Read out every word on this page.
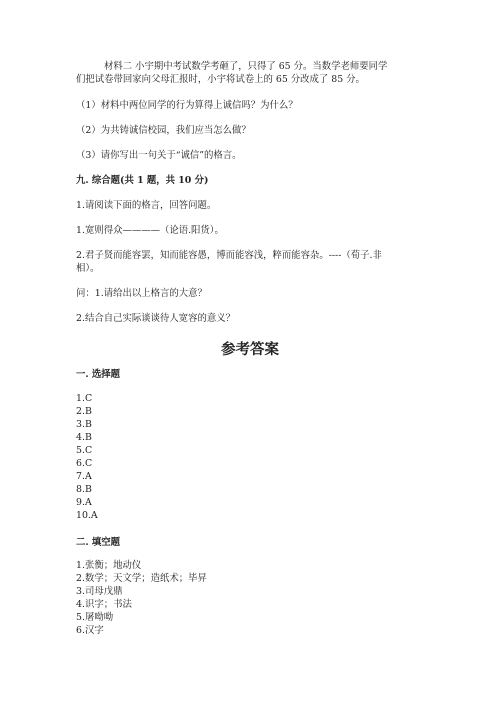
材料二 小宇期中考试数学考砸了，只得了 65 分。当数学老师要同学
们把试卷带回家向父母汇报时，小宇将试卷上的 65 分改成了 85 分。
（1）材料中两位同学的行为算得上诚信吗？为什么？
（2）为共铸诚信校园，我们应当怎么做？
（3）请你写出一句关于“诚信”的格言。
九. 综合题(共 1 题，共 10 分)
1.请阅读下面的格言，回答问题。
1.宽则得众————（论语.阳货）。
2.君子贤而能容罢，知而能容愚，博而能容浅，粹而能容杂。----（荀子.非
相）。
问：1.请给出以上格言的大意？
2.结合自己实际谈谈待人宽容的意义？
参考答案
一. 选择题
1.C
2.B
3.B
4.B
5.C
6.C
7.A
8.B
9.A
10.A
二. 填空题
1.张衡；地动仪
2.数学；天文学；造纸术；毕昇
3.司母戊鼎
4.识字；书法
5.屠呦呦
6.汉字
